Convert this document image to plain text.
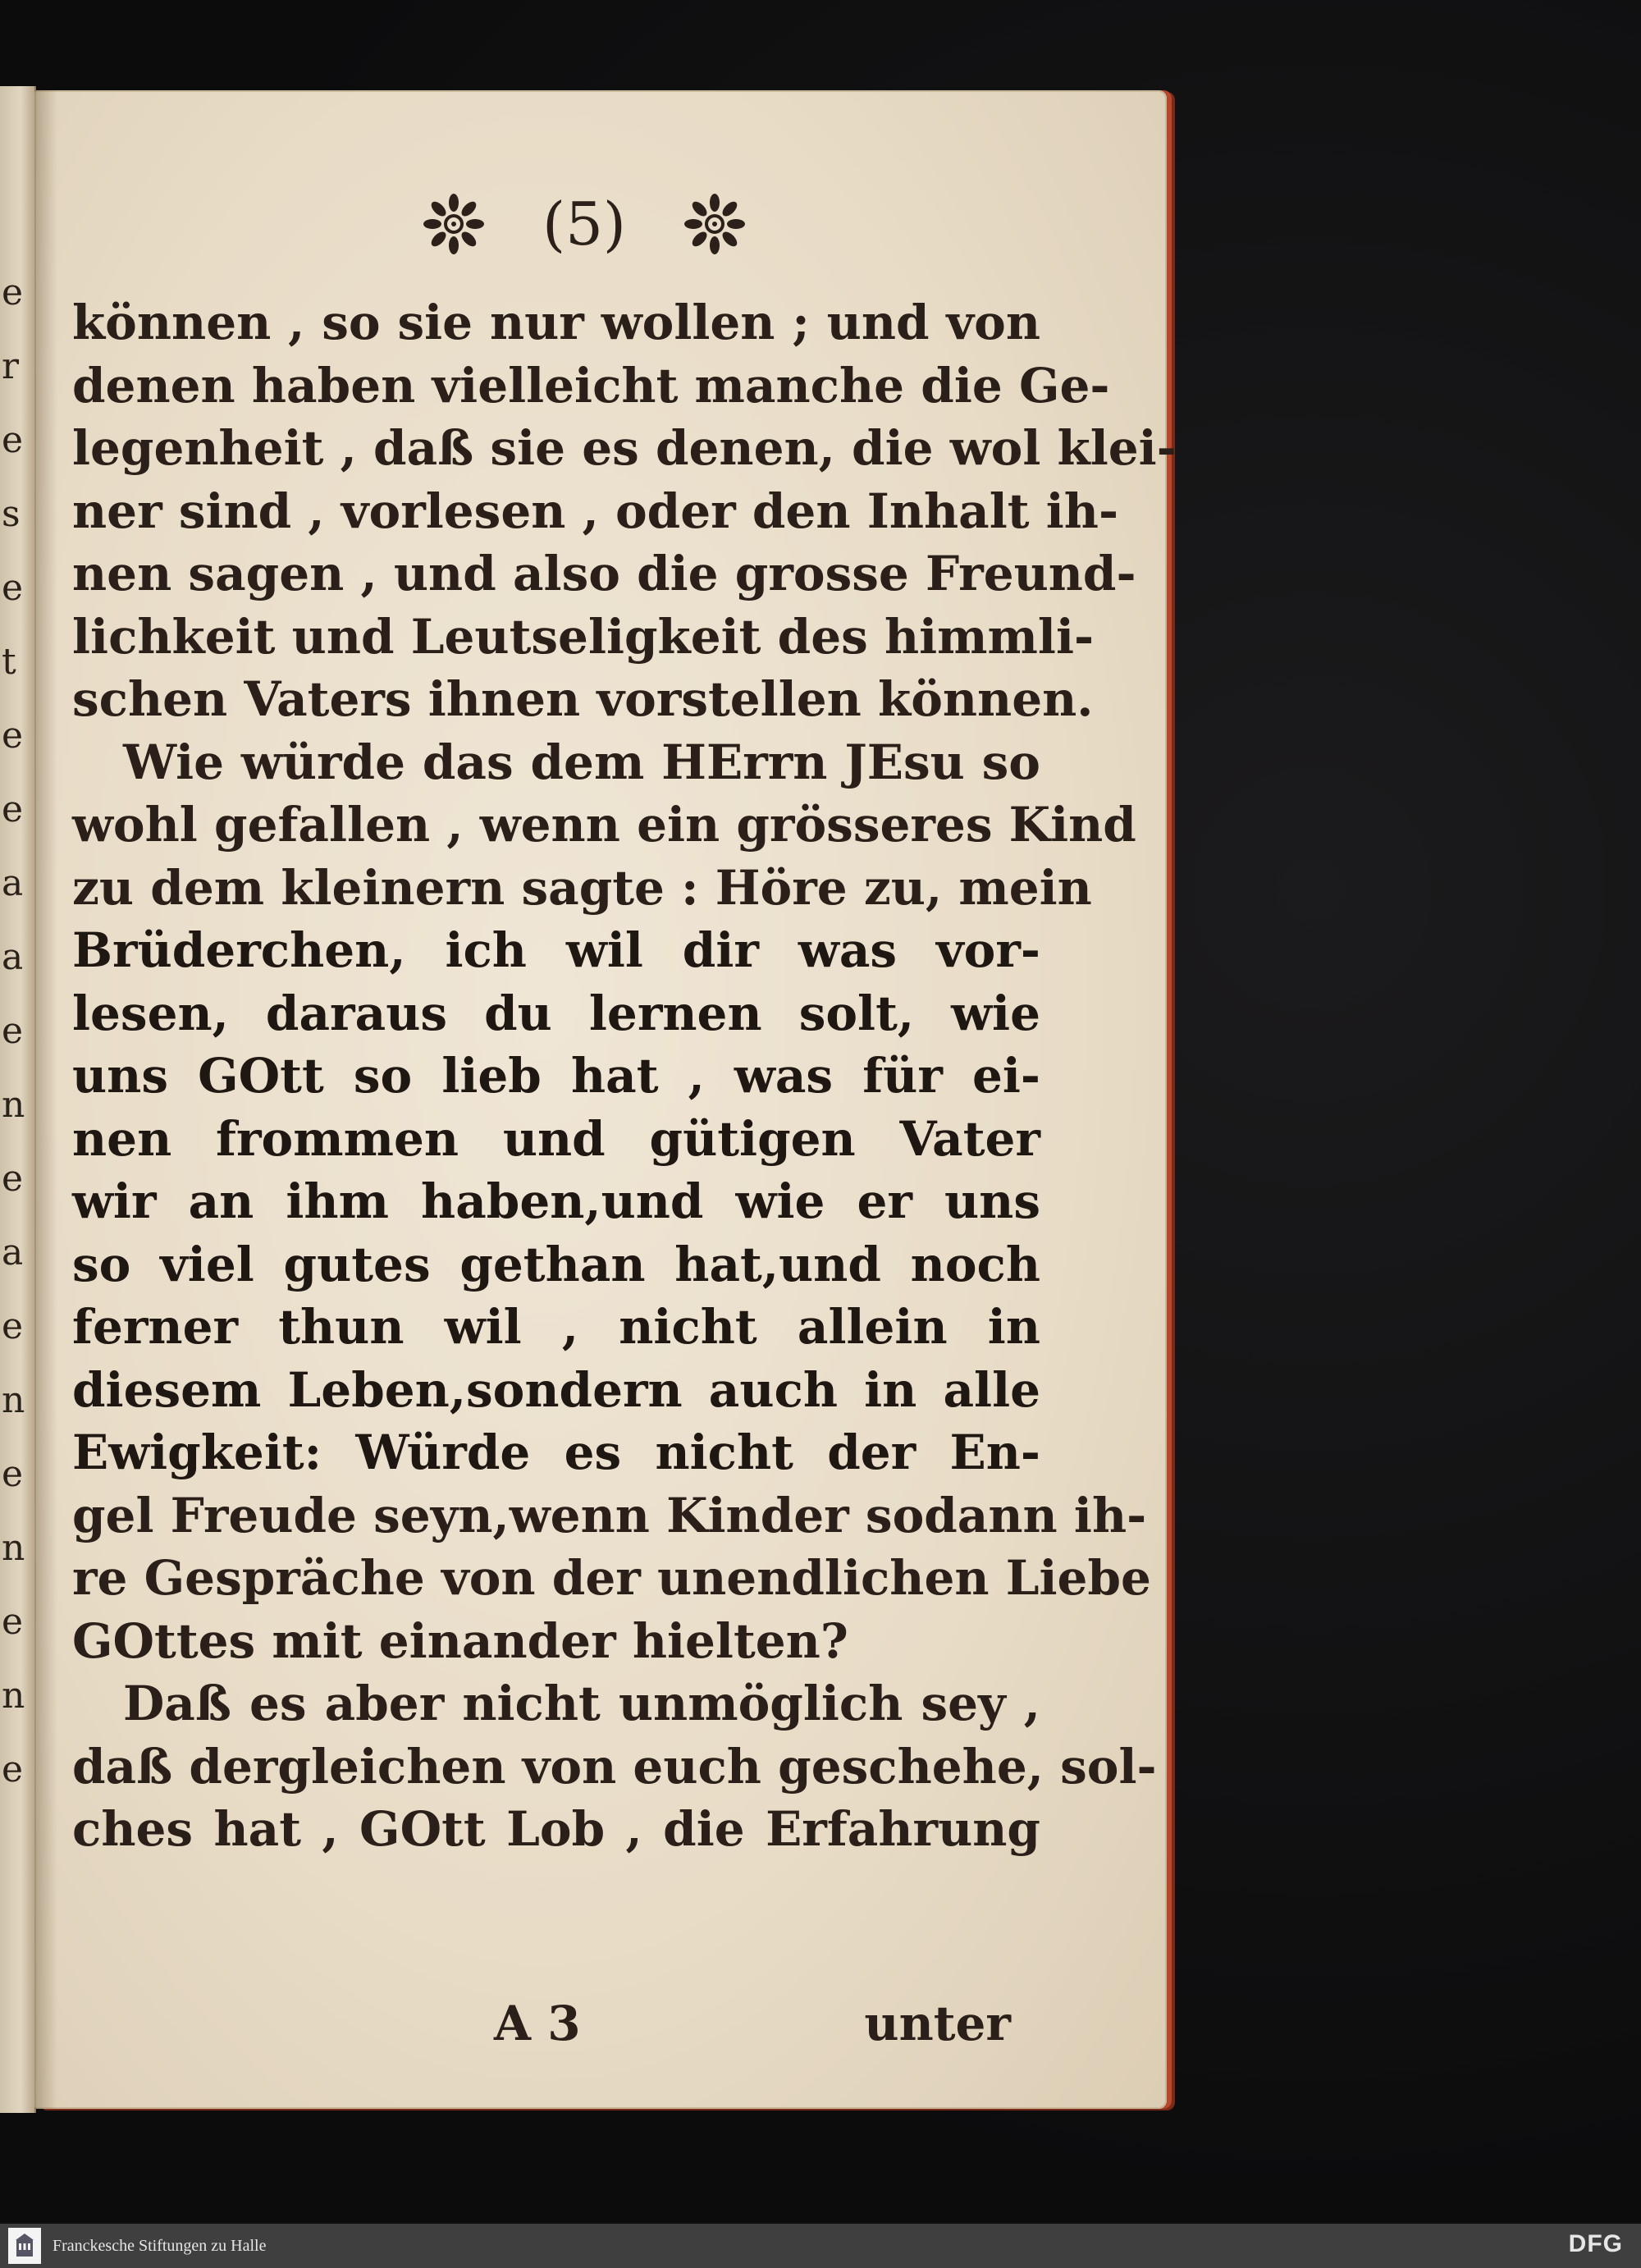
e
r
e
s
e
t
e
e
a
a
e
n
e
a
e
n
e
n
e
n
e
(5)
können , so sie nur wollen ; und von
denen haben vielleicht manche die Ge-
legenheit , daß sie es denen, die wol klei-
ner sind , vorlesen , oder den Inhalt ih-
nen sagen , und also die grosse Freund-
lichkeit und Leutseligkeit des himmli-
schen Vaters ihnen vorstellen können.
Wie würde das dem HErrn JEsu so
wohl gefallen , wenn ein grösseres Kind
zu dem kleinern sagte : Höre zu, mein
Brüderchen, ich wil dir was vor-
lesen, daraus du lernen solt, wie
uns GOtt so lieb hat , was für ei-
nen frommen und gütigen Vater
wir an ihm haben,und wie er uns
so viel gutes gethan hat,und noch
ferner thun wil , nicht allein in
diesem Leben,sondern auch in alle
Ewigkeit: Würde es nicht der En-
gel Freude seyn,wenn Kinder sodann ih-
re Gespräche von der unendlichen Liebe
GOttes mit einander hielten?
Daß es aber nicht unmöglich sey ,
daß dergleichen von euch geschehe, sol-
ches hat , GOtt Lob , die Erfahrung
A 3	unter
Franckesche Stiftungen zu Halle	DFG
